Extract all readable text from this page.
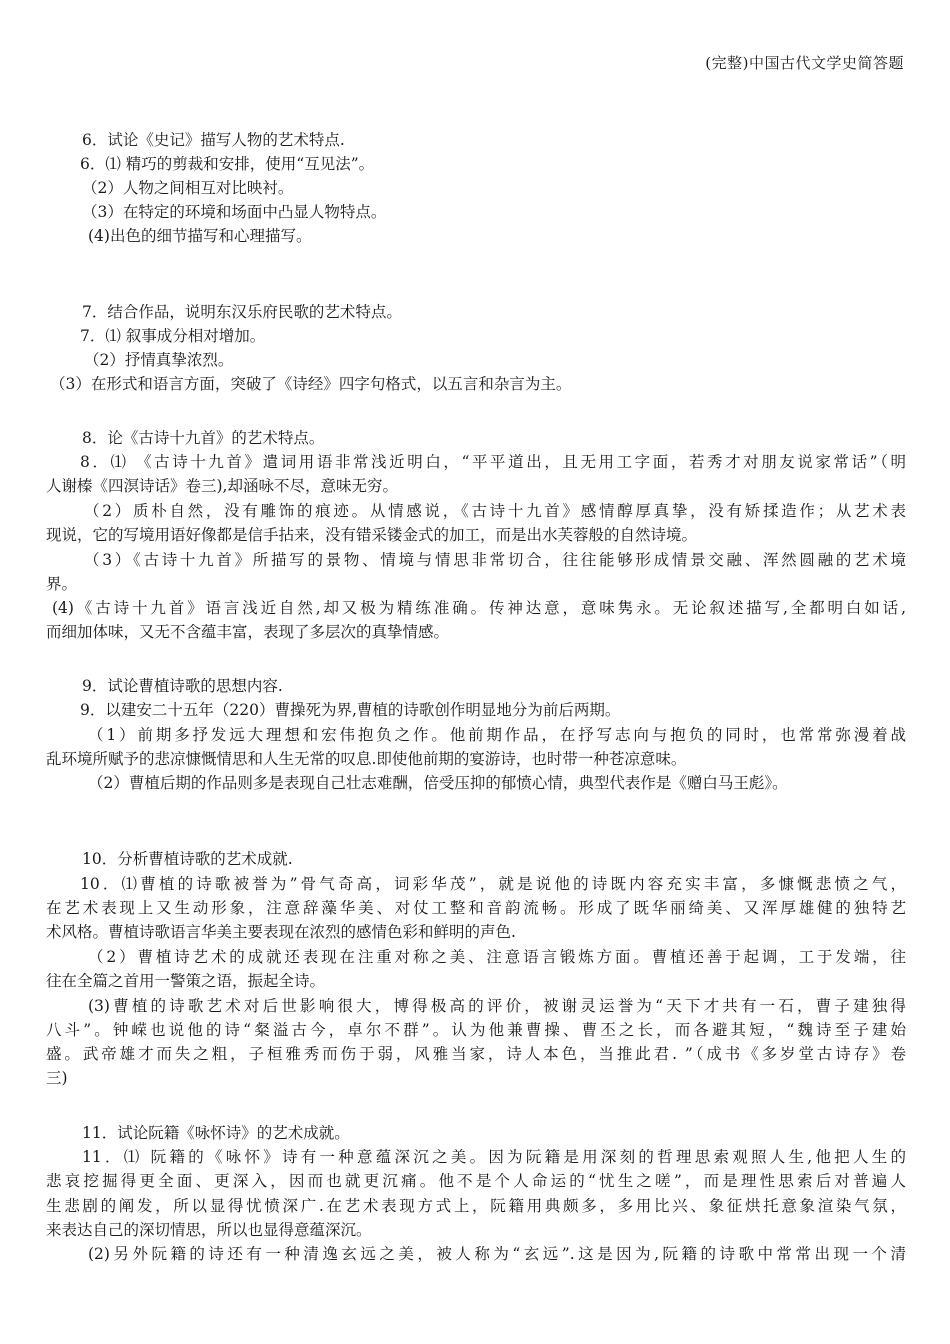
(完整)中国古代文学史简答题
6．试论《史记》描写人物的艺术特点.
6．⑴ 精巧的剪裁和安排，使用“互见法”。
（2）人物之间相互对比映衬。
（3）在特定的环境和场面中凸显人物特点。
(4)出色的细节描写和心理描写。
7．结合作品，说明东汉乐府民歌的艺术特点。
7．⑴ 叙事成分相对增加。
（2）抒情真挚浓烈。
（3）在形式和语言方面，突破了《诗经》四字句格式，以五言和杂言为主。
8．论《古诗十九首》的艺术特点。
8．⑴ 《古诗十九首》遣词用语非常浅近明白，“平平道出，且无用工字面，若秀才对朋友说家常话”（明
人谢榛《四溟诗话》卷三),却涵咏不尽，意味无穷。
（2）质朴自然，没有雕饰的痕迹。从情感说，《古诗十九首》感情醇厚真挚，没有矫揉造作；从艺术表
现说，它的写境用语好像都是信手拈来，没有错采镂金式的加工，而是出水芙蓉般的自然诗境。
（3）《古诗十九首》所描写的景物、情境与情思非常切合，往往能够形成情景交融、浑然圆融的艺术境
界。
(4)《古诗十九首》语言浅近自然,却又极为精练准确。传神达意，意味隽永。无论叙述描写,全都明白如话,
而细加体味，又无不含蕴丰富，表现了多层次的真挚情感。
9．试论曹植诗歌的思想内容.
9．以建安二十五年（220）曹操死为界,曹植的诗歌创作明显地分为前后两期。
（1）前期多抒发远大理想和宏伟抱负之作。他前期作品，在抒写志向与抱负的同时，也常常弥漫着战
乱环境所赋予的悲凉慷慨情思和人生无常的叹息.即使他前期的宴游诗，也时带一种苍凉意味。
（2）曹植后期的作品则多是表现自己壮志难酬，倍受压抑的郁愤心情，典型代表作是《赠白马王彪》。
10．分析曹植诗歌的艺术成就.
10．⑴曹植的诗歌被誉为”骨气奇高，词彩华茂”，就是说他的诗既内容充实丰富，多慷慨悲愤之气，
在艺术表现上又生动形象，注意辞藻华美、对仗工整和音韵流畅。形成了既华丽绮美、又浑厚雄健的独特艺
术风格。曹植诗歌语言华美主要表现在浓烈的感情色彩和鲜明的声色.
（2）曹植诗艺术的成就还表现在注重对称之美、注意语言锻炼方面。曹植还善于起调，工于发端，往
往在全篇之首用一警策之语，振起全诗。
(3)曹植的诗歌艺术对后世影响很大，博得极高的评价，被谢灵运誉为“天下才共有一石，曹子建独得
八斗”。钟嵘也说他的诗“粲溢古今，卓尔不群”。认为他兼曹操、曹丕之长，而各避其短，“魏诗至子建始
盛。武帝雄才而失之粗，子桓雅秀而伤于弱，风雅当家，诗人本色，当推此君. ”（成书《多岁堂古诗存》卷
三)
11．试论阮籍《咏怀诗》的艺术成就。
11．⑴ 阮籍的《咏怀》诗有一种意蕴深沉之美。因为阮籍是用深刻的哲理思索观照人生,他把人生的
悲哀挖掘得更全面、更深入，因而也就更沉痛。他不是个人命运的“忧生之嗟”，而是理性思索后对普遍人
生悲剧的阐发，所以显得忧愤深广.在艺术表现方式上，阮籍用典颇多，多用比兴、象征烘托意象渲染气氛，
来表达自己的深切情思，所以也显得意蕴深沉。
(2)另外阮籍的诗还有一种清逸玄远之美，被人称为“玄远”.这是因为,阮籍的诗歌中常常出现一个清
